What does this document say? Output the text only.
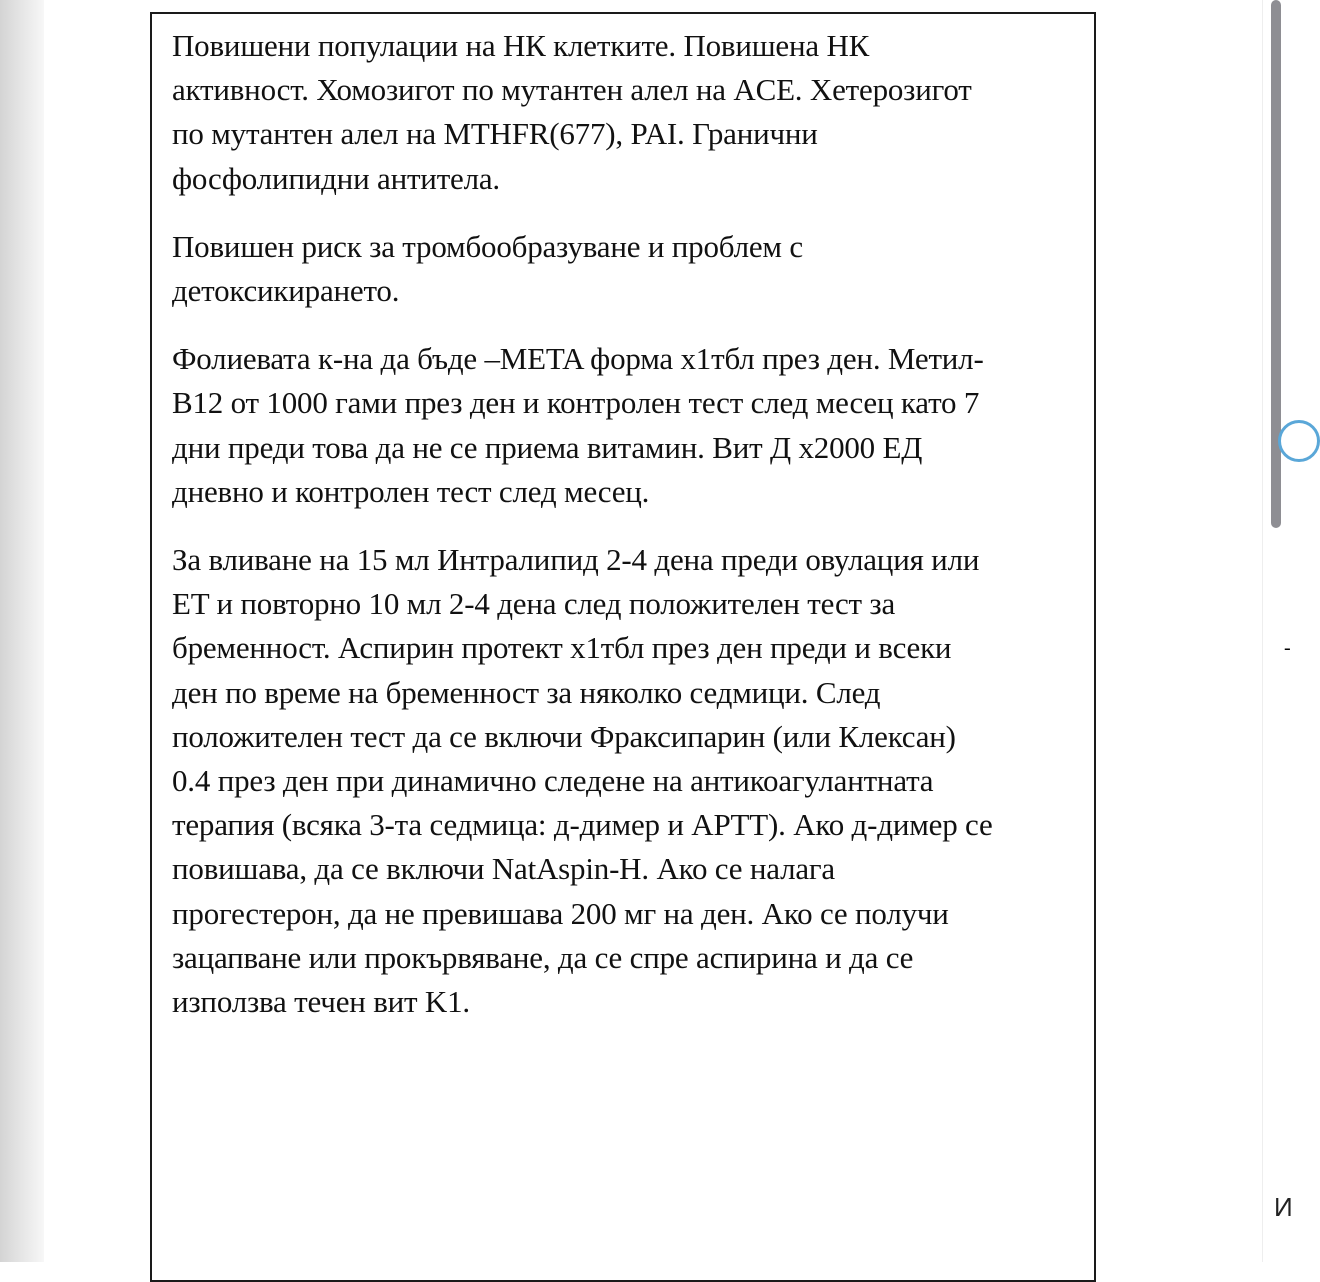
Повишени популации на НК клетките. Повишена НК
активност. Хомозигот по мутантен алел на ACE. Хетерозигот
по мутантен алел на MTHFR(677), PAI. Гранични
фосфолипидни антитела.

Повишен риск за тромбообразуване и проблем с
детоксикирането.

Фолиевата к-на да бъде –META форма х1тбл през ден. Метил-
B12 от 1000 гами през ден и контролен тест след месец като 7
дни преди това да не се приема витамин. Вит Д х2000 ЕД
дневно и контролен тест след месец.

За вливане на 15 мл Интралипид 2-4 дена преди овулация или
ET и повторно 10 мл 2-4 дена след положителен тест за
бременност. Аспирин протект х1тбл през ден преди и всеки
ден по време на бременност за няколко седмици. След
положителен тест да се включи Фраксипарин (или Клексан)
0.4 през ден при динамично следене на антикоагулантната
терапия (всяка 3-та седмица: д-димер и APTT). Ако д-димер се
повишава, да се включи NatAspin-H. Ако се налага
прогестерон, да не превишава 200 мг на ден. Ако се получи
зацапване или прокървяване, да се спре аспирина и да се
използва течен вит K1.

-
И
